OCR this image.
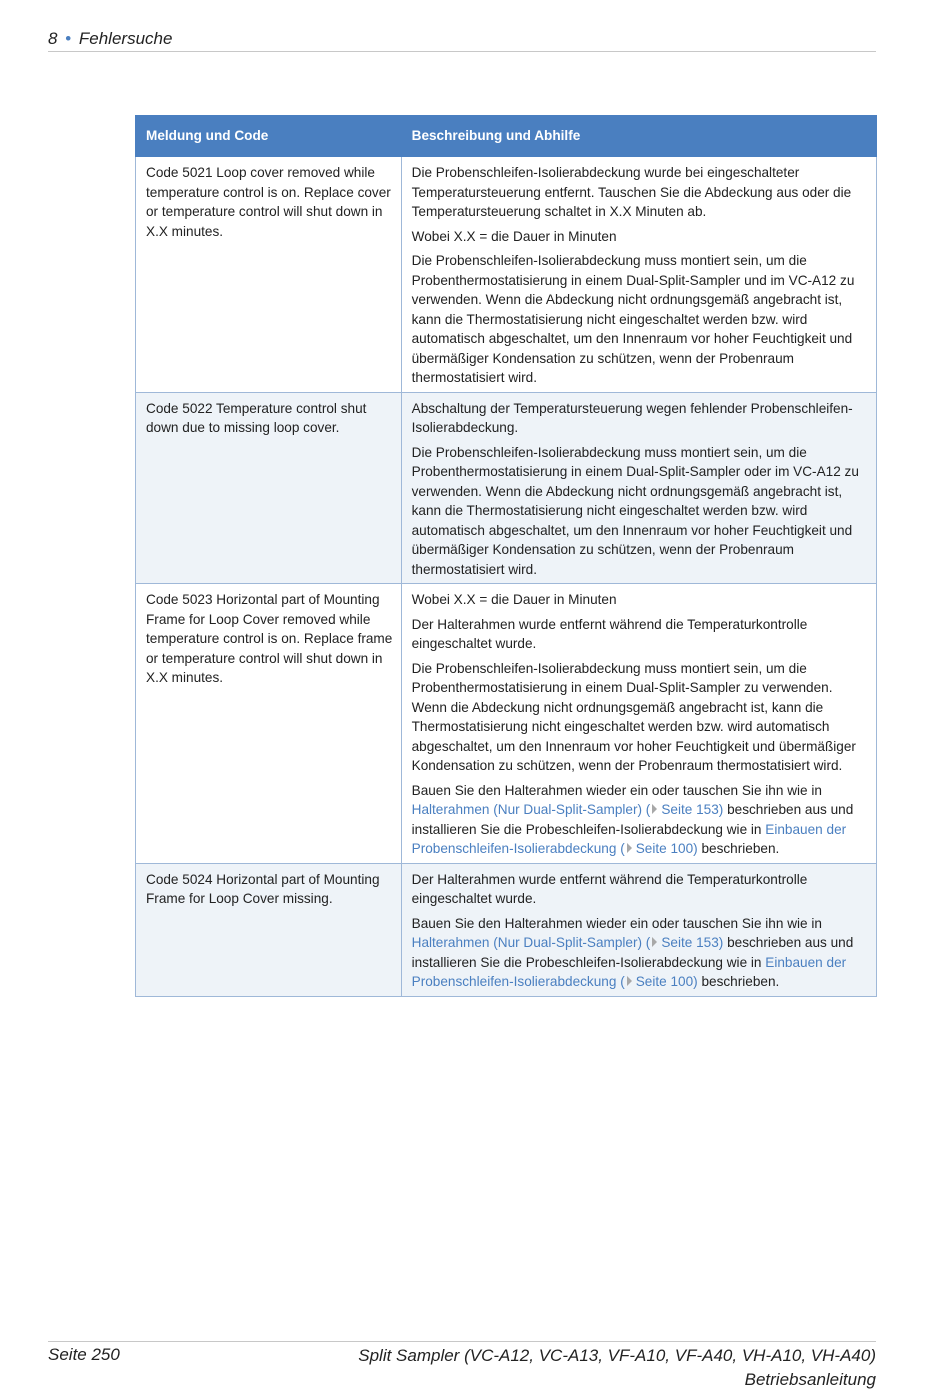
8 • Fehlersuche
Meldung und Code	Beschreibung und Abhilfe

Code 5021 Loop cover removed while temperature control is on. Replace cover or temperature control will shut down in X.X minutes.	Die Probenschleifen-Isolierabdeckung wurde bei eingeschalteter Temperatursteuerung entfernt. Tauschen Sie die Abdeckung aus oder die Temperatursteuerung schaltet in X.X Minuten ab.

Wobei X.X = die Dauer in Minuten

Die Probenschleifen-Isolierabdeckung muss montiert sein, um die Probenthermostatisierung in einem Dual-Split-Sampler und im VC-A12 zu verwenden. Wenn die Abdeckung nicht ordnungsgemäß angebracht ist, kann die Thermostatisierung nicht eingeschaltet werden bzw. wird automatisch abgeschaltet, um den Innenraum vor hoher Feuchtigkeit und übermäßiger Kondensation zu schützen, wenn der Probenraum thermostatisiert wird.

Code 5022 Temperature control shut down due to missing loop cover.	Abschaltung der Temperatursteuerung wegen fehlender Probenschleifen-Isolierabdeckung.

Die Probenschleifen-Isolierabdeckung muss montiert sein, um die Probenthermostatisierung in einem Dual-Split-Sampler oder im VC-A12 zu verwenden. Wenn die Abdeckung nicht ordnungsgemäß angebracht ist, kann die Thermostatisierung nicht eingeschaltet werden bzw. wird automatisch abgeschaltet, um den Innenraum vor hoher Feuchtigkeit und übermäßiger Kondensation zu schützen, wenn der Probenraum thermostatisiert wird.

Code 5023 Horizontal part of Mounting Frame for Loop Cover removed while temperature control is on. Replace frame or temperature control will shut down in X.X minutes.	Wobei X.X = die Dauer in Minuten

Der Halterahmen wurde entfernt während die Temperaturkontrolle eingeschaltet wurde.

Die Probenschleifen-Isolierabdeckung muss montiert sein, um die Probenthermostatisierung in einem Dual-Split-Sampler zu verwenden. Wenn die Abdeckung nicht ordnungsgemäß angebracht ist, kann die Thermostatisierung nicht eingeschaltet werden bzw. wird automatisch abgeschaltet, um den Innenraum vor hoher Feuchtigkeit und übermäßiger Kondensation zu schützen, wenn der Probenraum thermostatisiert wird.

Bauen Sie den Halterahmen wieder ein oder tauschen Sie ihn wie in Halterahmen (Nur Dual-Split-Sampler) ( Seite 153) beschrieben aus und installieren Sie die Probeschleifen-Isolierabdeckung wie in Einbauen der Probenschleifen-Isolierabdeckung ( Seite 100) beschrieben.

Code 5024 Horizontal part of Mounting Frame for Loop Cover missing.	Der Halterahmen wurde entfernt während die Temperaturkontrolle eingeschaltet wurde.

Bauen Sie den Halterahmen wieder ein oder tauschen Sie ihn wie in Halterahmen (Nur Dual-Split-Sampler) ( Seite 153) beschrieben aus und installieren Sie die Probeschleifen-Isolierabdeckung wie in Einbauen der Probenschleifen-Isolierabdeckung ( Seite 100) beschrieben.

Seite 250	Split Sampler (VC-A12, VC-A13, VF-A10, VF-A40, VH-A10, VH-A40)
Betriebsanleitung
